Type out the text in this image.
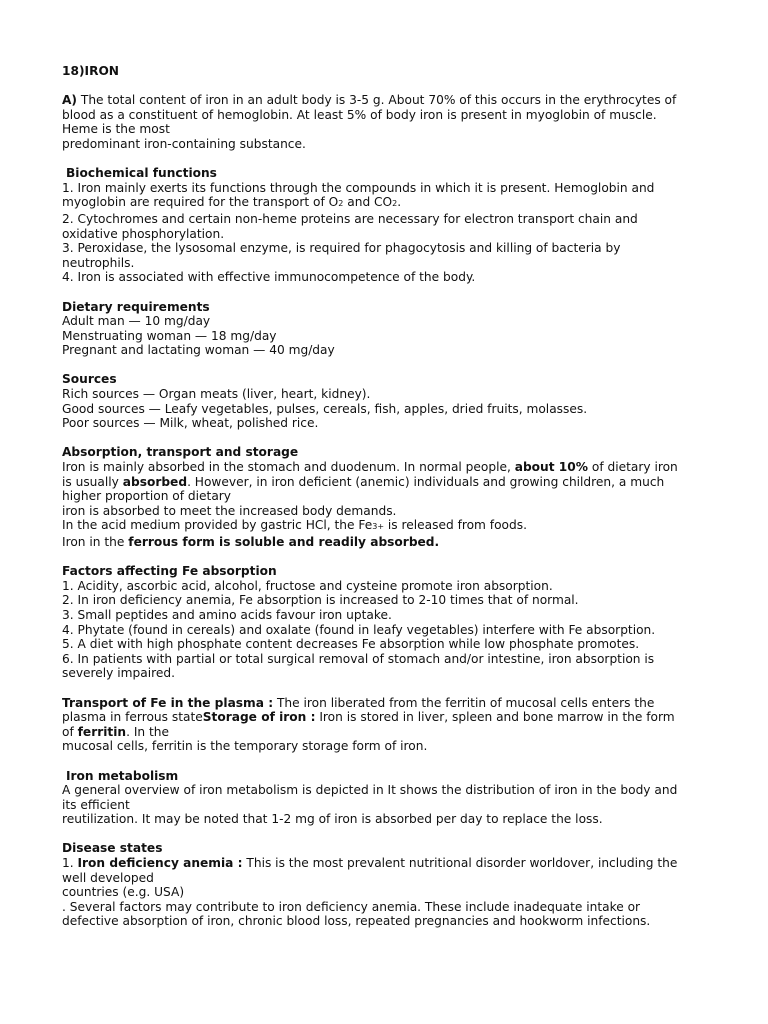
18)IRON
A) The total content of iron in an adult body is 3-5 g. About 70% of this occurs in the erythrocytes of
blood as a constituent of hemoglobin. At least 5% of body iron is present in myoglobin of muscle.
Heme is the most
predominant iron-containing substance.
Biochemical functions
1. Iron mainly exerts its functions through the compounds in which it is present. Hemoglobin and
myoglobin are required for the transport of O2 and CO2.
2. Cytochromes and certain non-heme proteins are necessary for electron transport chain and
oxidative phosphorylation.
3. Peroxidase, the lysosomal enzyme, is required for phagocytosis and killing of bacteria by
neutrophils.
4. Iron is associated with effective immunocompetence of the body.
Dietary requirements
Adult man — 10 mg/day
Menstruating woman — 18 mg/day
Pregnant and lactating woman — 40 mg/day
Sources
Rich sources — Organ meats (liver, heart, kidney).
Good sources — Leafy vegetables, pulses, cereals, fish, apples, dried fruits, molasses.
Poor sources — Milk, wheat, polished rice.
Absorption, transport and storage
Iron is mainly absorbed in the stomach and duodenum. In normal people, about 10% of dietary iron
is usually absorbed. However, in iron deficient (anemic) individuals and growing children, a much
higher proportion of dietary
iron is absorbed to meet the increased body demands.
In the acid medium provided by gastric HCl, the Fe3+ is released from foods.
Iron in the ferrous form is soluble and readily absorbed.
Factors affecting Fe absorption
1. Acidity, ascorbic acid, alcohol, fructose and cysteine promote iron absorption.
2. In iron deficiency anemia, Fe absorption is increased to 2-10 times that of normal.
3. Small peptides and amino acids favour iron uptake.
4. Phytate (found in cereals) and oxalate (found in leafy vegetables) interfere with Fe absorption.
5. A diet with high phosphate content decreases Fe absorption while low phosphate promotes.
6. In patients with partial or total surgical removal of stomach and/or intestine, iron absorption is
severely impaired.
Transport of Fe in the plasma : The iron liberated from the ferritin of mucosal cells enters the
plasma in ferrous stateStorage of iron : Iron is stored in liver, spleen and bone marrow in the form
of ferritin. In the
mucosal cells, ferritin is the temporary storage form of iron.
Iron metabolism
A general overview of iron metabolism is depicted in It shows the distribution of iron in the body and
its efficient
reutilization. It may be noted that 1-2 mg of iron is absorbed per day to replace the loss.
Disease states
1. Iron deficiency anemia : This is the most prevalent nutritional disorder worldover, including the
well developed
countries (e.g. USA)
. Several factors may contribute to iron deficiency anemia. These include inadequate intake or
defective absorption of iron, chronic blood loss, repeated pregnancies and hookworm infections.
